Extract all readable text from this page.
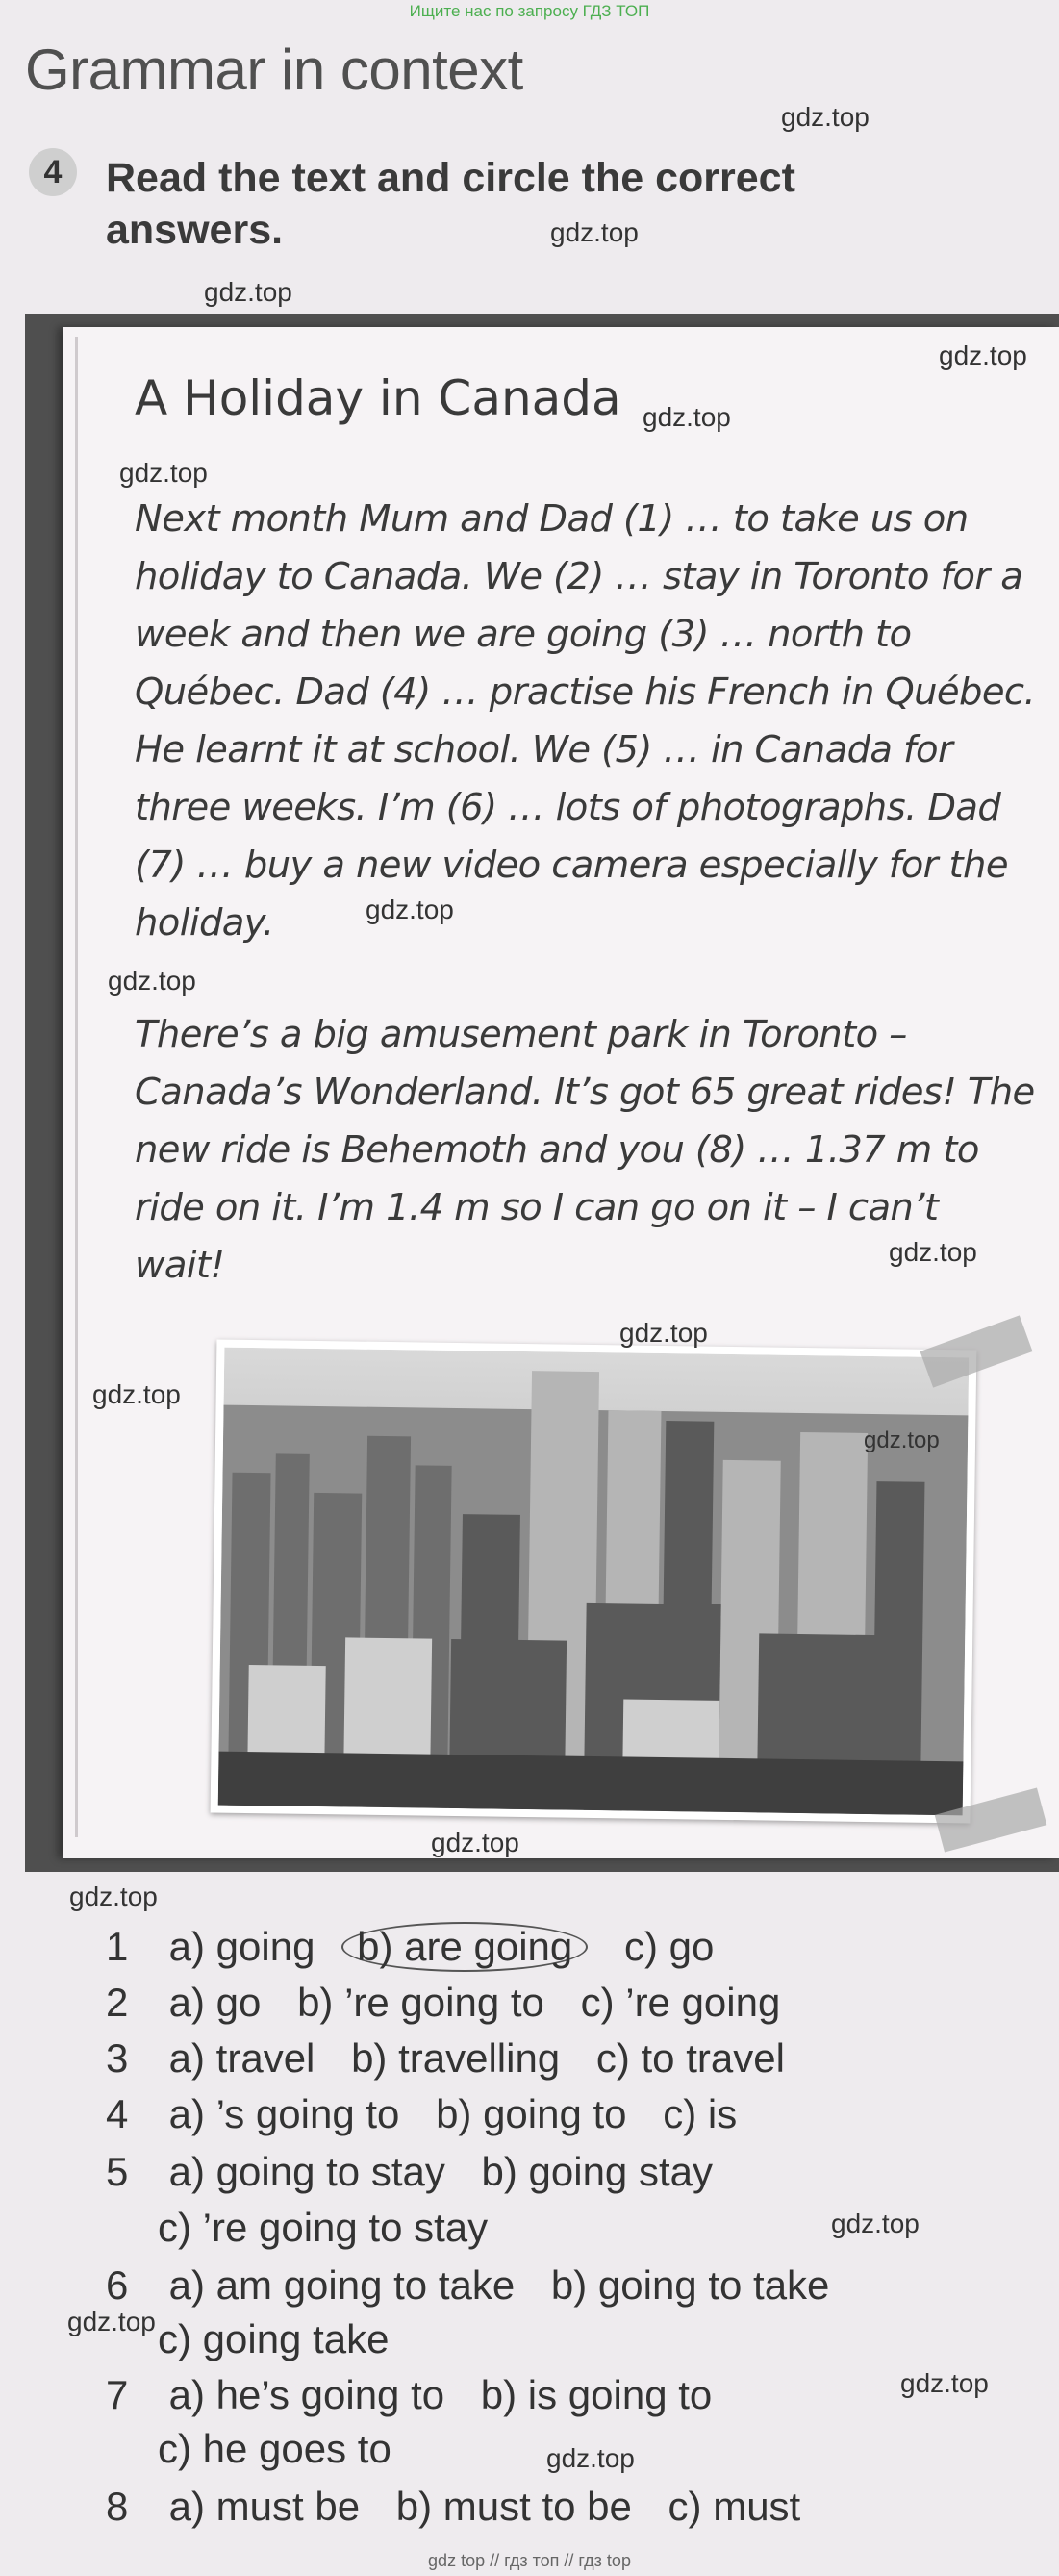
Ищите нас по запросу ГДЗ ТОП
Grammar in context
4	Read the text and circle the correct answers.

A Holiday in Canada

Next month Mum and Dad (1) … to take us on holiday to Canada. We (2) … stay in Toronto for a week and then we are going (3) … north to Québec. Dad (4) … practise his French in Québec. He learnt it at school. We (5) … in Canada for three weeks. I’m (6) … lots of photographs. Dad (7) … buy a new video camera especially for the holiday.

There’s a big amusement park in Toronto – Canada’s Wonderland. It’s got 65 great rides! The new ride is Behemoth and you (8) … 1.37 m to ride on it. I’m 1.4 m so I can go on it – I can’t wait!

1 a) going b) are going c) go
2 a) go b) ’re going to c) ’re going
3 a) travel b) travelling c) to travel
4 a) ’s going to b) going to c) is
5 a) going to stay b) going stay
c) ’re going to stay
6 a) am going to take b) going to take
c) going take
7 a) he’s going to b) is going to
c) he goes to
8 a) must be b) must to be c) must
gdz.top
gdz.top
gdz.top
gdz.top
gdz.top
gdz.top
gdz.top
gdz.top
gdz.top
gdz.top
gdz.top
gdz.top
gdz.top
gdz.top
gdz.top
gdz.top
gdz.top
gdz.top
gdz top // гдз топ // гдз top
